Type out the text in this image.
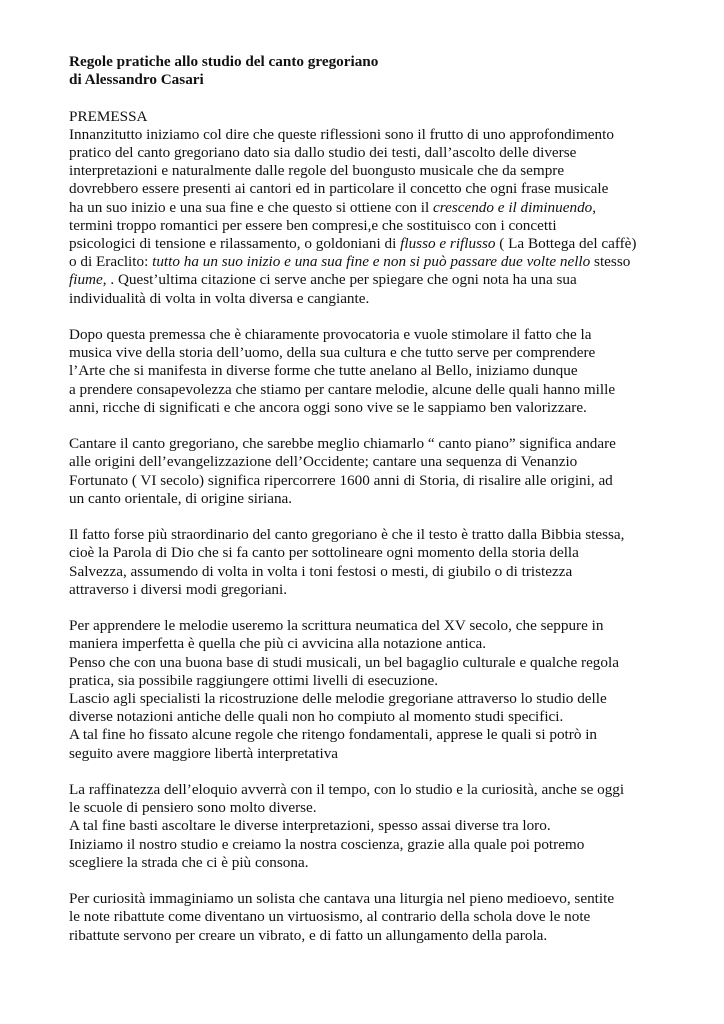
Regole pratiche allo studio del canto gregoriano
di Alessandro Casari
PREMESSA

Innanzitutto iniziamo col dire che queste riflessioni sono il frutto di uno approfondimento
pratico del canto gregoriano dato sia dallo studio dei testi, dall’ascolto delle diverse
interpretazioni e naturalmente dalle regole del buongusto musicale che da sempre
dovrebbero essere presenti ai cantori ed in particolare il concetto che ogni frase musicale
ha un suo inizio e una sua fine e che questo si ottiene con il crescendo e il diminuendo,
termini troppo romantici per essere ben compresi,e che sostituisco con i concetti
psicologici di tensione e rilassamento, o goldoniani di flusso e riflusso ( La Bottega del caffè)
o di Eraclito: tutto ha un suo inizio e una sua fine e non si può passare due volte nello stesso
fiume, . Quest’ultima citazione ci serve anche per spiegare che ogni nota ha una sua
individualità di volta in volta diversa e cangiante.

Dopo questa premessa che è chiaramente provocatoria e vuole stimolare il fatto che la
musica vive della storia dell’uomo, della sua cultura e che tutto serve per comprendere
l’Arte che si manifesta in diverse forme che tutte anelano al Bello, iniziamo dunque
a prendere consapevolezza che stiamo per cantare melodie, alcune delle quali hanno mille
anni, ricche di significati e che ancora oggi sono vive se le sappiamo ben valorizzare.

Cantare il canto gregoriano, che sarebbe meglio chiamarlo “ canto piano” significa andare
alle origini dell’evangelizzazione dell’Occidente; cantare una sequenza di Venanzio
Fortunato ( VI secolo) significa ripercorrere 1600 anni di Storia, di risalire alle origini, ad
un canto orientale, di origine siriana.

Il fatto forse più straordinario del canto gregoriano è che il testo è tratto dalla Bibbia stessa,
cioè la Parola di Dio che si fa canto per sottolineare ogni momento della storia della
Salvezza, assumendo di volta in volta i toni festosi o mesti, di giubilo o di tristezza
attraverso i diversi modi gregoriani.

Per apprendere le melodie useremo la scrittura neumatica del XV secolo, che seppure in
maniera imperfetta è quella che più ci avvicina alla notazione antica.
Penso che con una buona base di studi musicali, un bel bagaglio culturale e qualche regola
pratica, sia possibile raggiungere ottimi livelli di esecuzione.
Lascio agli specialisti la ricostruzione delle melodie gregoriane attraverso lo studio delle
diverse notazioni antiche delle quali non ho compiuto al momento studi specifici.
A tal fine ho fissato alcune regole che ritengo fondamentali, apprese le quali si potrò in
seguito avere maggiore libertà interpretativa

La raffinatezza dell’eloquio avverrà con il tempo, con lo studio e la curiosità, anche se oggi
le scuole di pensiero sono molto diverse.
A tal fine basti ascoltare le diverse interpretazioni, spesso assai diverse tra loro.
Iniziamo il nostro studio e creiamo la nostra coscienza, grazie alla quale poi potremo
scegliere la strada che ci è più consona.

Per curiosità immaginiamo un solista che cantava una liturgia nel pieno medioevo, sentite
le note ribattute come diventano un virtuosismo, al contrario della schola dove le note
ribattute servono per creare un vibrato, e di fatto un allungamento della parola.
